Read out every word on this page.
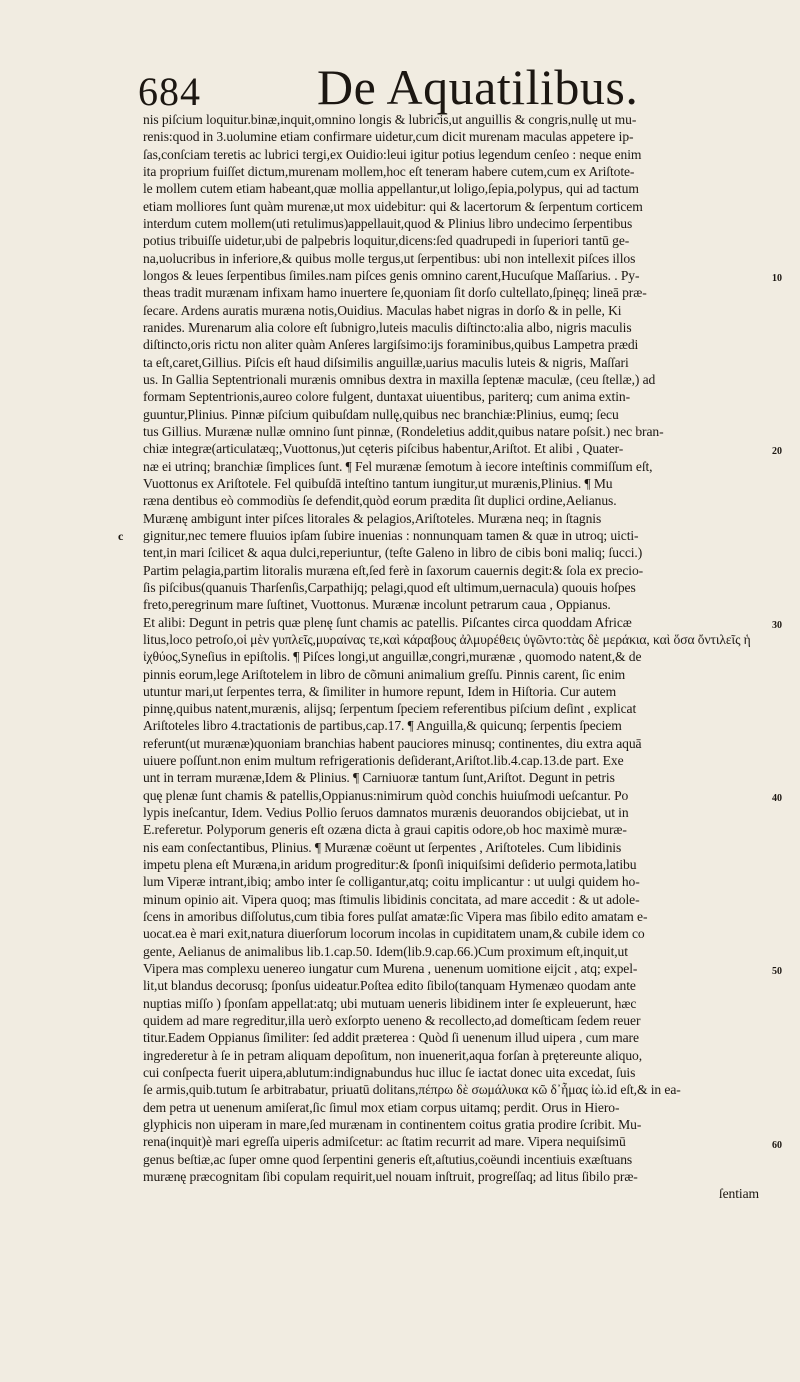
684 De Aquatilibus.
nis piſcium loquitur.binæ,inquit,omnino longis & lubricis,ut anguillis & congris,nullę ut mu-
renis:quod in 3.uolumine etiam confirmare uidetur,cum dicit murenam maculas appetere ip-
ſas,conſciam teretis ac lubrici tergi,ex Ouidio:leui igitur potius legendum cenſeo : neque enim
ita proprium fuiſſet dictum,murenam mollem,hoc eſt teneram habere cutem,cum ex Ariſtote-
le mollem cutem etiam habeant,quæ mollia appellantur,ut loligo,ſepia,polypus, qui ad tactum
etiam molliores ſunt quàm murenæ,ut mox uidebitur: qui & lacertorum & ſerpentum corticem
interdum cutem mollem(uti retulimus)appellauit,quod & Plinius libro undecimo ſerpentibus
potius tribuiſſe uidetur,ubi de palpebris loquitur,dicens:ſed quadrupedi in ſuperiori tantū ge-
na,uolucribus in inferiore,& quibus molle tergus,ut ſerpentibus: ubi non intellexit piſces illos
longos & leues ſerpentibus ſimiles.nam piſces genis omnino carent,Hucuſque Maſſarius. . Py-
theas tradit murænam infixam hamo inuertere ſe,quoniam ſit dorſo cultellato,ſpinęq; lineā præ-
ſecare. Ardens auratis muræna notis,Ouidius. Maculas habet nigras in dorſo & in pelle, Ki
ranides. Murenarum alia colore eſt ſubnigro,luteis maculis diſtincto:alia albo, nigris maculis
diſtincto,oris rictu non aliter quàm Anſeres largiſsimo:ijs foraminibus,quibus Lampetra prædi
ta eſt,caret,Gillius. Piſcis eſt haud diſsimilis anguillæ,uarius maculis luteis & nigris, Maſſari
us. In Gallia Septentrionali murænis omnibus dextra in maxilla ſeptenæ maculæ, (ceu ſtellæ,) ad
formam Septentrionis,aureo colore fulgent, duntaxat uiuentibus, pariterq; cum anima extin-
guuntur,Plinius. Pinnæ piſcium quibuſdam nullę,quibus nec branchiæ:Plinius, eumq; ſecu
tus Gillius. Murænæ nullæ omnino ſunt pinnæ, (Rondeletius addit,quibus natare poſsit.) nec bran-
chiæ integræ(articulatæq;,Vuottonus,)ut cęteris piſcibus habentur,Ariſtot. Et alibi , Quater-
næ ei utrinq; branchiæ ſimplices ſunt. ¶ Fel murænæ ſemotum à iecore inteſtinis commiſſum eſt,
Vuottonus ex Ariſtotele. Fel quibuſdā inteſtino tantum iungitur,ut murænis,Plinius. ¶ Mu
ræna dentibus eò commodiùs ſe defendit,quòd eorum prædita ſit duplici ordine,Aelianus.
Murænę ambigunt inter piſces litorales & pelagios,Ariſtoteles. Muræna neq; in ſtagnis
gignitur,nec temere fluuios ipſam ſubire inuenias : nonnunquam tamen & quæ in utroq; uicti-
tent,in mari ſcilicet & aqua dulci,reperiuntur, (teſte Galeno in libro de cibis boni maliq; ſucci.)
Partim pelagia,partim litoralis muræna eſt,ſed ferè in ſaxorum cauernis degit:& ſola ex precio-
ſis piſcibus(quanuis Tharſenſis,Carpathijq; pelagi,quod eſt ultimum,uernacula) quouis hoſpes
freto,peregrinum mare ſuſtinet, Vuottonus. Murænæ incolunt petrarum caua , Oppianus.
Et alibi: Degunt in petris quæ plenę ſunt chamis ac patellis. Piſcantes circa quoddam Africæ
litus,loco petroſo,οἱ μὲν γυπλεῖς,μυραίνας τε,καὶ κάραβους ἀλμυρέθεις ὑγῶντο:τὰς δὲ μεράκια, καὶ ὅσα ὄντιλεῖς ἡ
ἰχθύος,Syneſius in epiſtolis. ¶ Piſces longi,ut anguillæ,congri,murænæ , quomodo natent,& de
pinnis eorum,lege Ariſtotelem in libro de cõmuni animalium greſſu. Pinnis carent, ſic enim
utuntur mari,ut ſerpentes terra, & ſimiliter in humore repunt, Idem in Hiſtoria. Cur autem
pinnę,quibus natent,murænis, alijsq; ſerpentum ſpeciem referentibus piſcium deſint , explicat
Ariſtoteles libro 4.tractationis de partibus,cap.17. ¶ Anguilla,& quicunq; ſerpentis ſpeciem
referunt(ut murænæ)quoniam branchias habent pauciores minusq; continentes, diu extra aquā
uiuere poſſunt.non enim multum refrigerationis deſiderant,Ariſtot.lib.4.cap.13.de part. Exe
unt in terram murænæ,Idem & Plinius. ¶ Carniuoræ tantum ſunt,Ariſtot. Degunt in petris
quę plenæ ſunt chamis & patellis,Oppianus:nimirum quòd conchis huiuſmodi ueſcantur. Po
lypis ineſcantur, Idem. Vedius Pollio ſeruos damnatos murænis deuorandos obijciebat, ut in
E.referetur. Polyporum generis eſt ozæna dicta à graui capitis odore,ob hoc maximè muræ-
nis eam conſectantibus, Plinius. ¶ Murænæ coëunt ut ſerpentes , Ariſtoteles. Cum libidinis
impetu plena eſt Muræna,in aridum progreditur:& ſponſi iniquiſsimi deſiderio permota,latibu
lum Viperæ intrant,ibiq; ambo inter ſe colligantur,atq; coitu implicantur : ut uulgi quidem ho-
minum opinio ait. Vipera quoq; mas ſtimulis libidinis concitata, ad mare accedit : & ut adole-
ſcens in amoribus diſſolutus,cum tibia fores pulſat amatæ:ſic Vipera mas ſibilo edito amatam e-
uocat.ea è mari exit,natura diuerſorum locorum incolas in cupiditatem unam,& cubile idem co
gente, Aelianus de animalibus lib.1.cap.50. Idem(lib.9.cap.66.)Cum proximum eſt,inquit,ut
Vipera mas complexu uenereo iungatur cum Murena , uenenum uomitione eijcit , atq; expel-
lit,ut blandus decorusq; ſponſus uideatur.Poſtea edito ſibilo(tanquam Hymenæo quodam ante
nuptias miſſo ) ſponſam appellat:atq; ubi mutuam ueneris libidinem inter ſe expleuerunt, hæc
quidem ad mare regreditur,illa uerò exſorpto ueneno & recollecto,ad domeſticam ſedem reuer
titur.Eadem Oppianus ſimiliter: ſed addit præterea : Quòd ſi uenenum illud uipera , cum mare
ingrederetur à ſe in petram aliquam depoſitum, non inuenerit,aqua forſan à prętereunte aliquo,
cui conſpecta fuerit uipera,ablutum:indignabundus huc illuc ſe iactat donec uita excedat, ſuis
ſe armis,quib.tutum ſe arbitrabatur, priuatū dolitans,πέπρω δὲ σωμάλυκα κῶ δ᾽ἧμας ἰὼ.id eſt,& in ea-
dem petra ut uenenum amiſerat,ſic ſimul mox etiam corpus uitamq; perdit. Orus in Hiero-
glyphicis non uiperam in mare,ſed murænam in continentem coitus gratia prodire ſcribit. Mu-
rena(inquit)è mari egreſſa uiperis admiſcetur: ac ſtatim recurrit ad mare. Vipera nequiſsimū
genus beſtiæ,ac ſuper omne quod ſerpentini generis eſt,aſtutius,coëundi incentiuis exæſtuans
murænę præcognitam ſibi copulam requirit,uel nouam inſtruit, progreſſaq; ad litus ſibilo præ-
ſentiam
10
20
30
40
50
60
c
